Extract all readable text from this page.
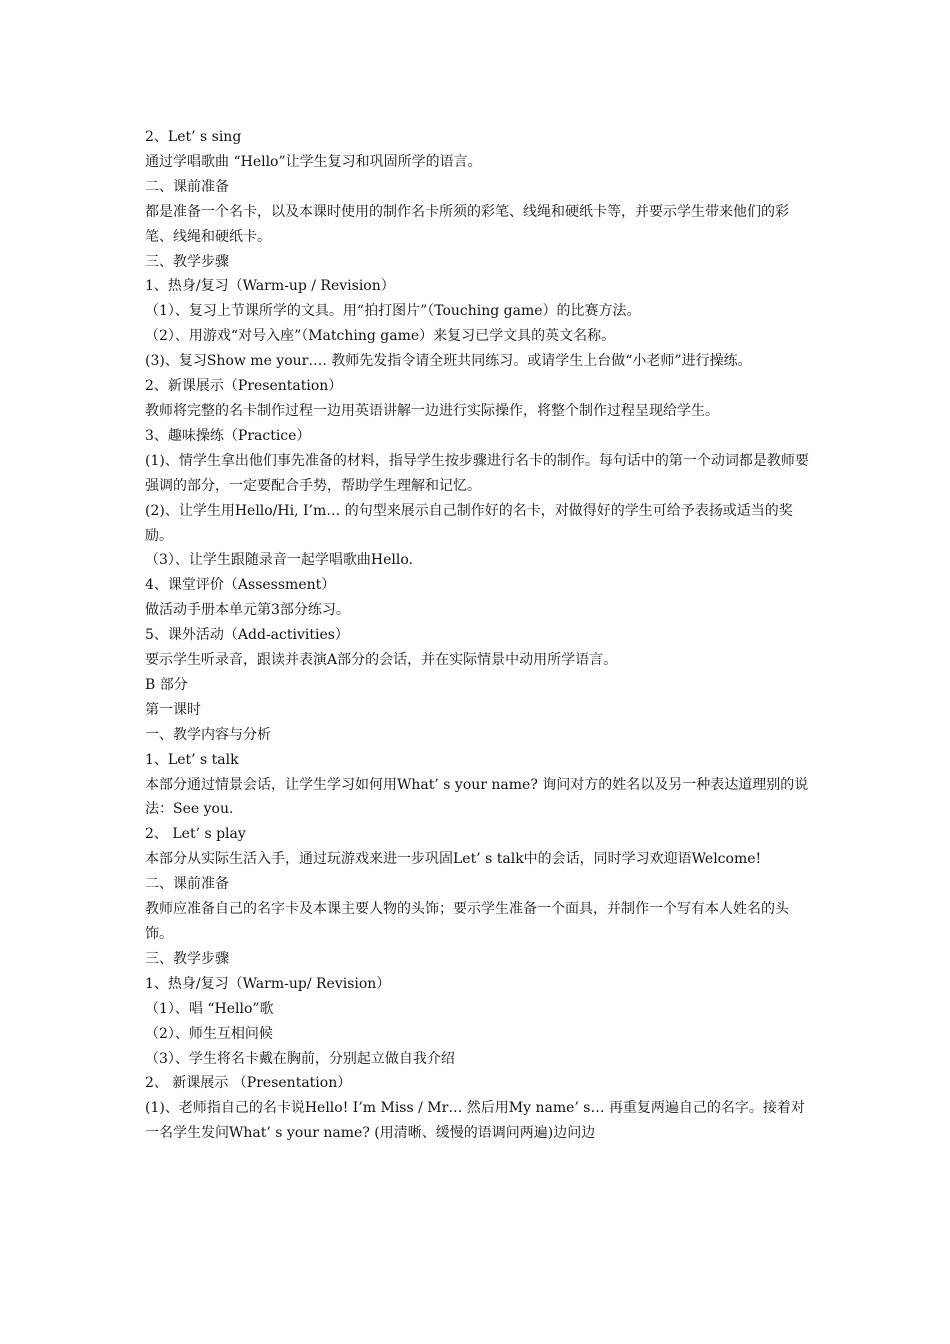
2、Let’ s sing
通过学唱歌曲 “Hello”让学生复习和巩固所学的语言。
二、课前准备
都是准备一个名卡，以及本课时使用的制作名卡所须的彩笔、线绳和硬纸卡等，并要示学生带来他们的彩笔、线绳和硬纸卡。
三、教学步骤
1、热身/复习（Warm-up / Revision）
（1）、复习上节课所学的文具。用“拍打图片”（Touching game）的比赛方法。
（2）、用游戏“对号入座”（Matching game）来复习已学文具的英文名称。
(3)、复习Show me your…. 教师先发指令请全班共同练习。或请学生上台做“小老师”进行操练。
2、新课展示（Presentation）
教师将完整的名卡制作过程一边用英语讲解一边进行实际操作，将整个制作过程呈现给学生。
3、趣味操练（Practice）
(1)、情学生拿出他们事先准备的材料，指导学生按步骤进行名卡的制作。每句话中的第一个动词都是教师要强调的部分，一定要配合手势，帮助学生理解和记忆。
(2)、让学生用Hello/Hi, I’m… 的句型来展示自己制作好的名卡，对做得好的学生可给予表扬或适当的奖励。
（3）、让学生跟随录音一起学唱歌曲Hello.
4、课堂评价（Assessment）
做活动手册本单元第3部分练习。
5、课外活动（Add-activities）
要示学生听录音，跟读并表演A部分的会话，并在实际情景中动用所学语言。
B 部分
第一课时
一、教学内容与分析
1、Let’ s talk
本部分通过情景会话，让学生学习如何用What’ s your name? 询问对方的姓名以及另一种表达道理别的说法：See you.
2、 Let’ s play
本部分从实际生活入手，通过玩游戏来进一步巩固Let’ s talk中的会话，同时学习欢迎语Welcome!
二、课前准备
教师应准备自己的名字卡及本课主要人物的头饰；要示学生准备一个面具，并制作一个写有本人姓名的头饰。
三、教学步骤
1、热身/复习（Warm-up/ Revision）
（1）、唱 “Hello”歌
（2）、师生互相问候
（3）、学生将名卡戴在胸前，分别起立做自我介绍
2、 新课展示 （Presentation）
(1)、老师指自己的名卡说Hello! I’m Miss / Mr… 然后用My name’ s… 再重复两遍自己的名字。接着对一名学生发问What’ s your name? (用清晰、缓慢的语调问两遍)边问边
